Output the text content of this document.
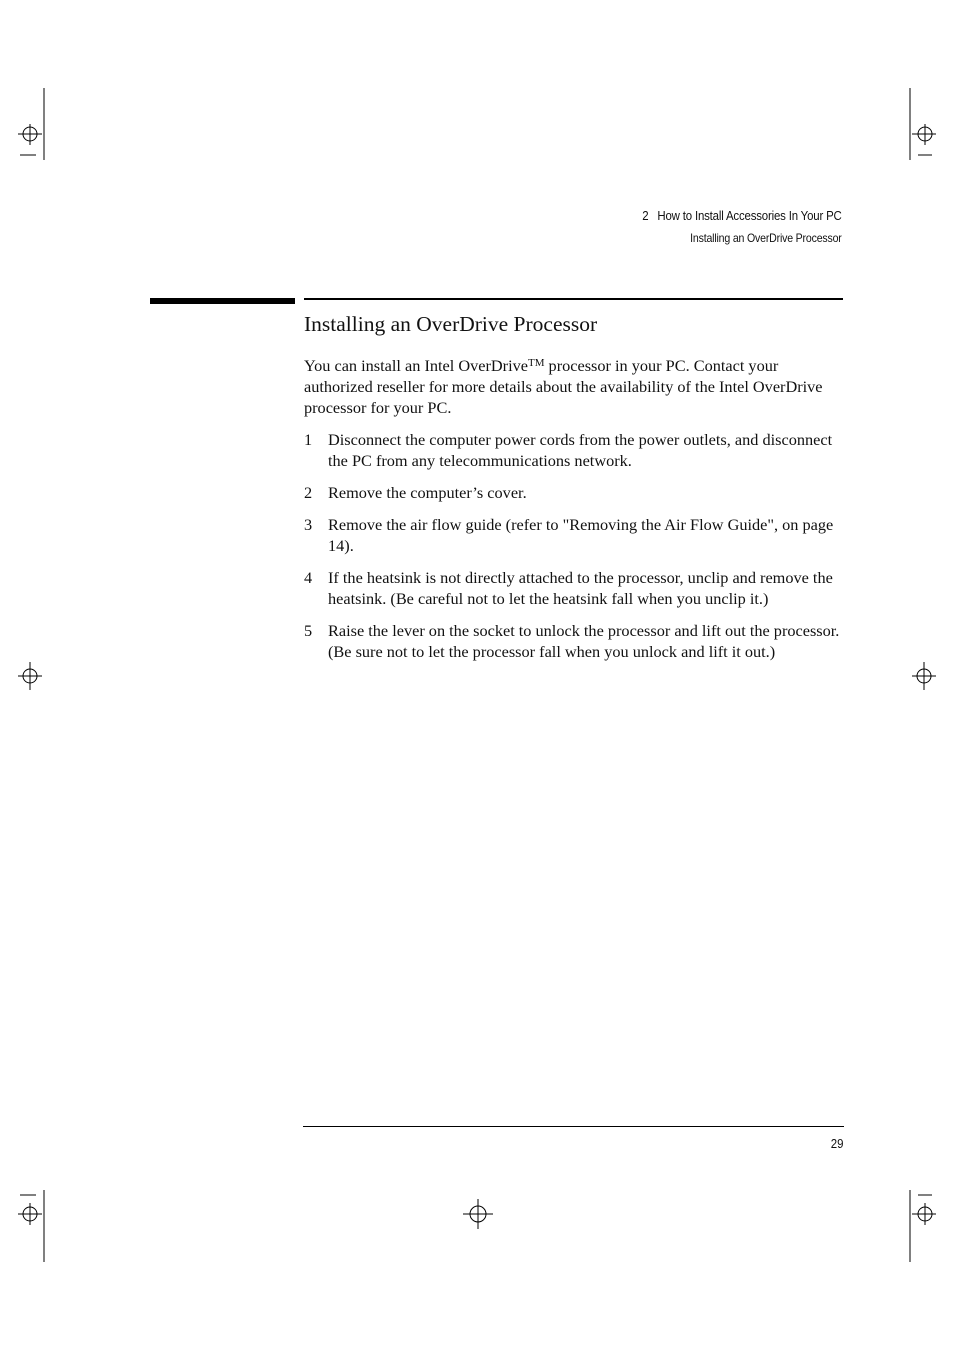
2   How to Install Accessories In Your PC
Installing an OverDrive Processor
Installing an OverDrive Processor

You can install an Intel OverDrive™ processor in your PC. Contact your authorized reseller for more details about the availability of the Intel OverDrive processor for your PC.

1 Disconnect the computer power cords from the power outlets, and disconnect the PC from any telecommunications network.
2 Remove the computer’s cover.
3 Remove the air flow guide (refer to "Removing the Air Flow Guide", on page 14).
4 If the heatsink is not directly attached to the processor, unclip and remove the heatsink. (Be careful not to let the heatsink fall when you unclip it.)
5 Raise the lever on the socket to unlock the processor and lift out the processor. (Be sure not to let the processor fall when you unlock and lift it out.)
29
